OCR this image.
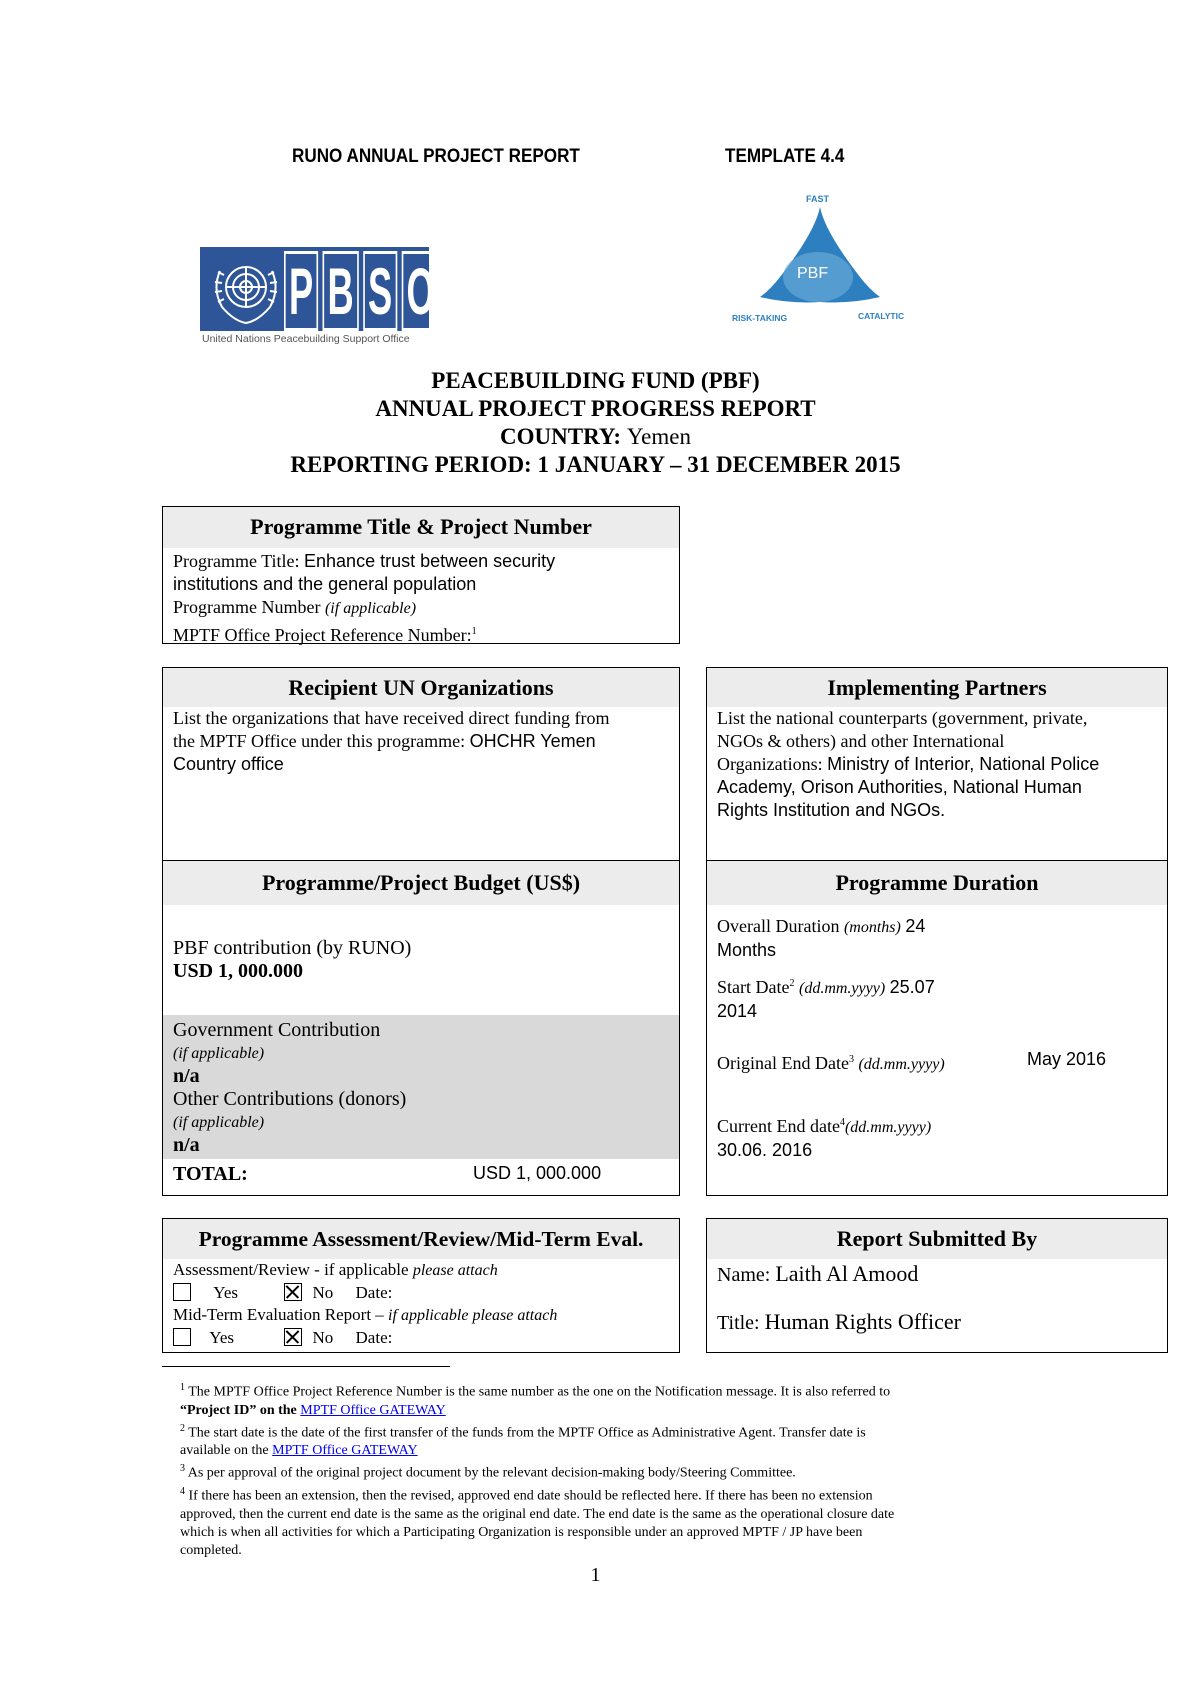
RUNO ANNUAL PROJECT REPORT	TEMPLATE 4.4
P B S O
United Nations Peacebuilding Support Office
FAST
PBF
RISK-TAKING	CATALYTIC
PEACEBUILDING FUND (PBF)
ANNUAL PROJECT PROGRESS REPORT
COUNTRY: Yemen
REPORTING PERIOD: 1 JANUARY – 31 DECEMBER 2015
Programme Title & Project Number
Programme Title: Enhance trust between security
institutions and the general population
Programme Number (if applicable)
MPTF Office Project Reference Number:$^1$
Recipient UN Organizations
List the organizations that have received direct funding from
the MPTF Office under this programme: OHCHR Yemen
Country office
Implementing Partners
List the national counterparts (government, private,
NGOs & others) and other International
Organizations: Ministry of Interior, National Police
Academy, Orison Authorities, National Human
Rights Institution and NGOs.
Programme/Project Budget (US$)
PBF contribution (by RUNO)
USD 1, 000.000
Government Contribution
(if applicable)
n/a
Other Contributions (donors)
(if applicable)
n/a
TOTAL:	USD 1, 000.000
Programme Duration
Overall Duration (months) 24
Months
Start Date$^2$ (dd.mm.yyyy) 25.07
2014
Original End Date$^3$ (dd.mm.yyyy)	May 2016
Current End date$^4$(dd.mm.yyyy)
30.06. 2016
Programme Assessment/Review/Mid-Term Eval.
Assessment/Review - if applicable please attach
Yes	No Date:
Mid-Term Evaluation Report – if applicable please attach
Yes	No Date:
Report Submitted By
Name: Laith Al Amood
Title: Human Rights Officer
$^1$ The MPTF Office Project Reference Number is the same number as the one on the Notification message. It is also referred to
“Project ID” on the MPTF Office GATEWAY
$^2$ The start date is the date of the first transfer of the funds from the MPTF Office as Administrative Agent. Transfer date is
available on the MPTF Office GATEWAY
$^3$ As per approval of the original project document by the relevant decision-making body/Steering Committee.
$^4$ If there has been an extension, then the revised, approved end date should be reflected here. If there has been no extension
approved, then the current end date is the same as the original end date. The end date is the same as the operational closure date
which is when all activities for which a Participating Organization is responsible under an approved MPTF / JP have been
completed.
1
